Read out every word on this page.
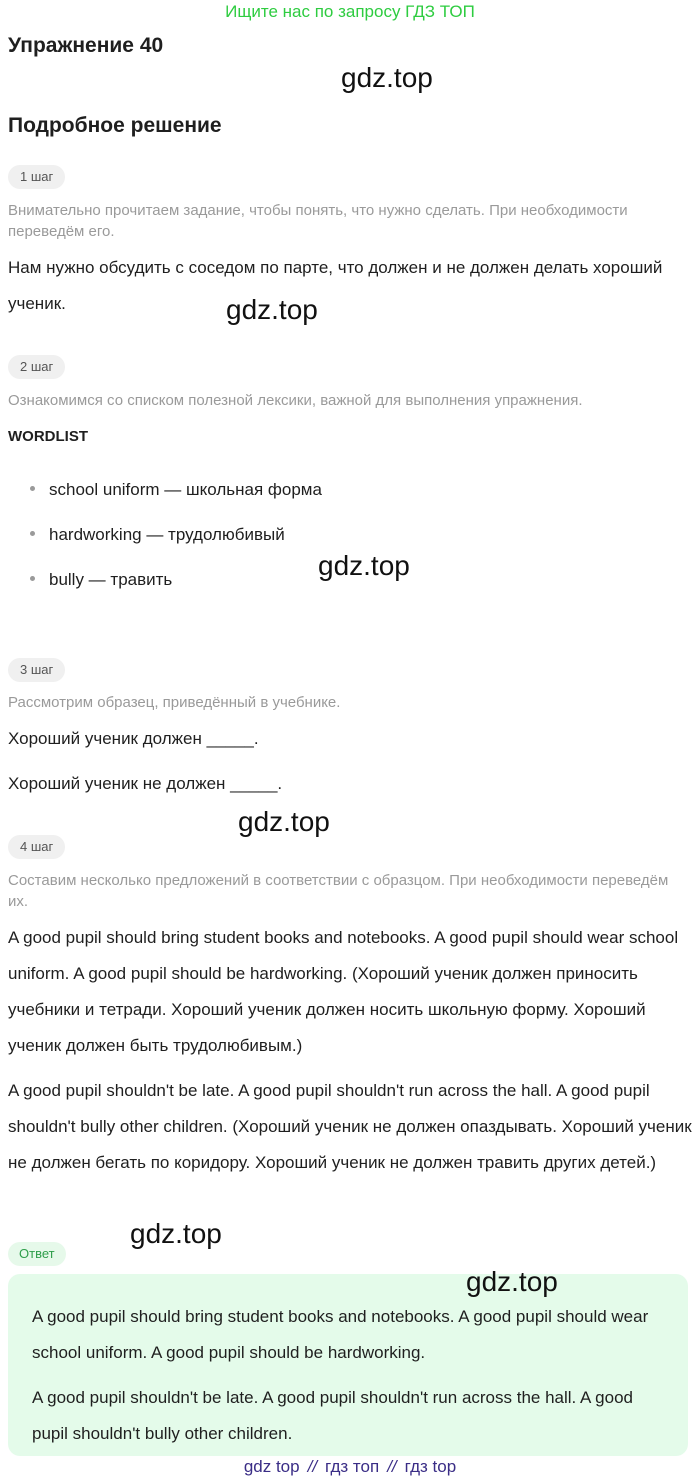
Ищите нас по запросу ГДЗ ТОП
Упражнение 40
gdz.top
Подробное решение
1 шаг
Внимательно прочитаем задание, чтобы понять, что нужно сделать. При необходимости переведём его.

Нам нужно обсудить с соседом по парте, что должен и не должен делать хороший ученик.	gdz.top
2 шаг
Ознакомимся со списком полезной лексики, важной для выполнения упражнения.
WORDLIST
school uniform — школьная форма
hardworking — трудолюбивый
bully — травить	gdz.top
3 шаг
Рассмотрим образец, приведённый в учебнике.

Хороший ученик должен _____.

Хороший ученик не должен _____.

gdz.top
4 шаг
Составим несколько предложений в соответствии с образцом. При необходимости переведём их.

A good pupil should bring student books and notebooks. A good pupil should wear school uniform. A good pupil should be hardworking. (Хороший ученик должен приносить учебники и тетради. Хороший ученик должен носить школьную форму. Хороший ученик должен быть трудолюбивым.)

A good pupil shouldn't be late. A good pupil shouldn't run across the hall. A good pupil shouldn't bully other children. (Хороший ученик не должен опаздывать. Хороший ученик не должен бегать по коридору. Хороший ученик не должен травить других детей.)

gdz.top
Ответ
gdz.top

A good pupil should bring student books and notebooks. A good pupil should wear school uniform. A good pupil should be hardworking.

A good pupil shouldn't be late. A good pupil shouldn't run across the hall. A good pupil shouldn't bully other children.

gdz top // гдз топ // гдз top
